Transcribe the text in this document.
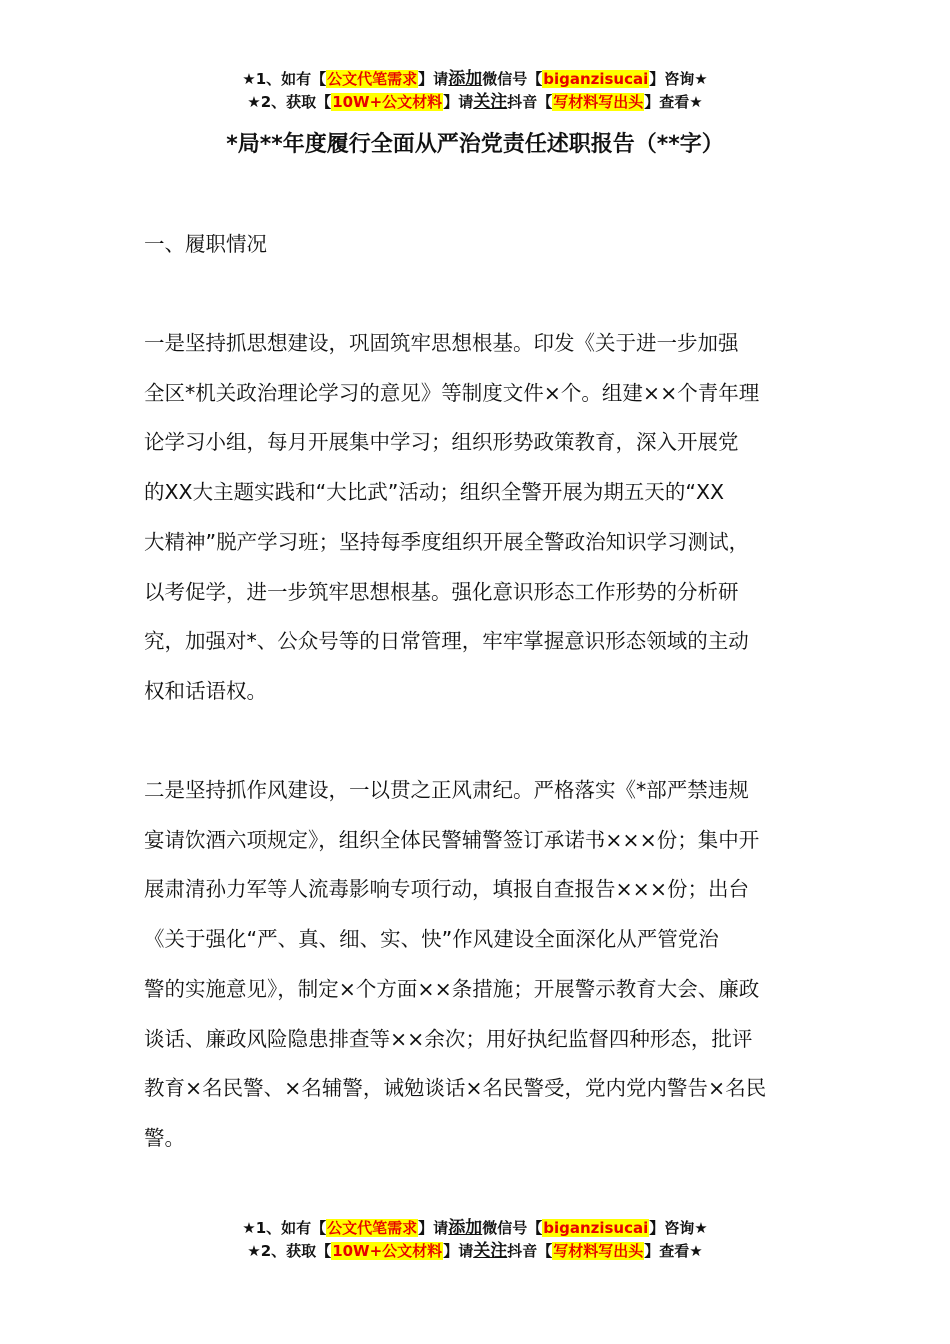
★1、如有【公文代笔需求】请添加微信号【biganzisucai】咨询★
★2、获取【10W+公文材料】请关注抖音【写材料写出头】查看★
*局**年度履行全面从严治党责任述职报告（**字）
一、履职情况

一是坚持抓思想建设，巩固筑牢思想根基。印发《关于进一步加强

全区*机关政治理论学习的意见》等制度文件×个。组建××个青年理

论学习小组，每月开展集中学习；组织形势政策教育，深入开展党

的XX大主题实践和“大比武”活动；组织全警开展为期五天的“XX

大精神”脱产学习班；坚持每季度组织开展全警政治知识学习测试，

以考促学，进一步筑牢思想根基。强化意识形态工作形势的分析研

究，加强对*、公众号等的日常管理，牢牢掌握意识形态领域的主动

权和话语权。

二是坚持抓作风建设，一以贯之正风肃纪。严格落实《*部严禁违规

宴请饮酒六项规定》，组织全体民警辅警签订承诺书×××份；集中开

展肃清孙力军等人流毒影响专项行动，填报自查报告×××份；出台

《关于强化“严、真、细、实、快”作风建设全面深化从严管党治

警的实施意见》，制定×个方面××条措施；开展警示教育大会、廉政

谈话、廉政风险隐患排查等××余次；用好执纪监督四种形态，批评

教育×名民警、×名辅警，诫勉谈话×名民警受，党内党内警告×名民

警。

★1、如有【公文代笔需求】请添加微信号【biganzisucai】咨询★
★2、获取【10W+公文材料】请关注抖音【写材料写出头】查看★
